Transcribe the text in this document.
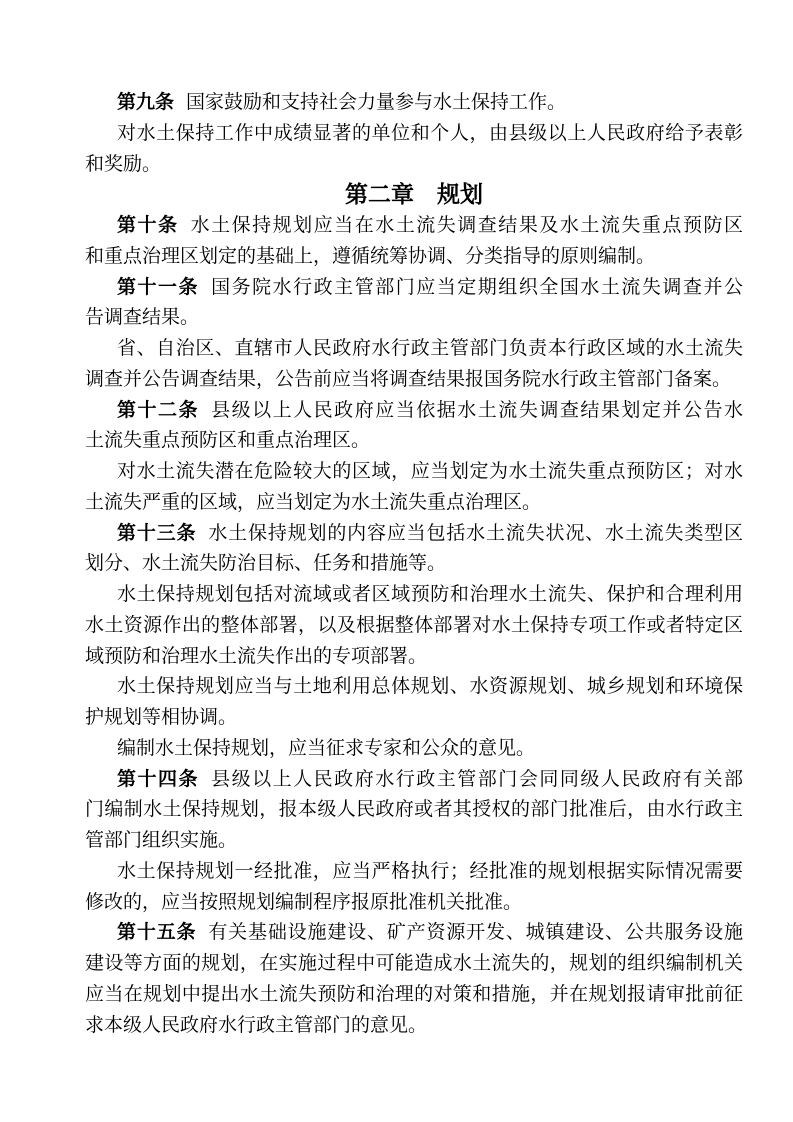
第九条 国家鼓励和支持社会力量参与水土保持工作。
对水土保持工作中成绩显著的单位和个人，由县级以上人民政府给予表彰
和奖励。
第二章　规划
第十条 水土保持规划应当在水土流失调查结果及水土流失重点预防区
和重点治理区划定的基础上，遵循统筹协调、分类指导的原则编制。
第十一条 国务院水行政主管部门应当定期组织全国水土流失调查并公
告调查结果。
省、自治区、直辖市人民政府水行政主管部门负责本行政区域的水土流失
调查并公告调查结果，公告前应当将调查结果报国务院水行政主管部门备案。
第十二条 县级以上人民政府应当依据水土流失调查结果划定并公告水
土流失重点预防区和重点治理区。
对水土流失潜在危险较大的区域，应当划定为水土流失重点预防区；对水
土流失严重的区域，应当划定为水土流失重点治理区。
第十三条 水土保持规划的内容应当包括水土流失状况、水土流失类型区
划分、水土流失防治目标、任务和措施等。
水土保持规划包括对流域或者区域预防和治理水土流失、保护和合理利用
水土资源作出的整体部署，以及根据整体部署对水土保持专项工作或者特定区
域预防和治理水土流失作出的专项部署。
水土保持规划应当与土地利用总体规划、水资源规划、城乡规划和环境保
护规划等相协调。
编制水土保持规划，应当征求专家和公众的意见。
第十四条 县级以上人民政府水行政主管部门会同同级人民政府有关部
门编制水土保持规划，报本级人民政府或者其授权的部门批准后，由水行政主
管部门组织实施。
水土保持规划一经批准，应当严格执行；经批准的规划根据实际情况需要
修改的，应当按照规划编制程序报原批准机关批准。
第十五条 有关基础设施建设、矿产资源开发、城镇建设、公共服务设施
建设等方面的规划，在实施过程中可能造成水土流失的，规划的组织编制机关
应当在规划中提出水土流失预防和治理的对策和措施，并在规划报请审批前征
求本级人民政府水行政主管部门的意见。
